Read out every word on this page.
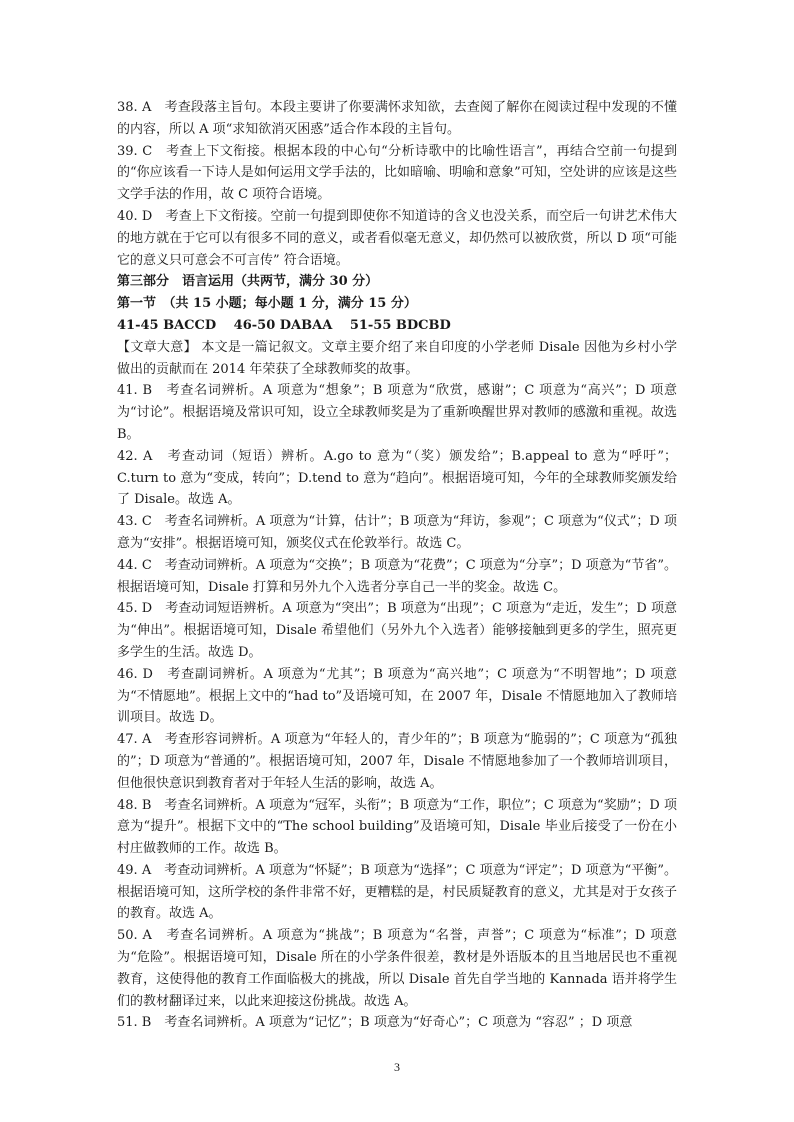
38. A　考查段落主旨句。本段主要讲了你要满怀求知欲，去查阅了解你在阅读过程中发现的不懂的内容，所以 A 项“求知欲消灭困惑”适合作本段的主旨句。

39. C　考查上下文衔接。根据本段的中心句“分析诗歌中的比喻性语言”，再结合空前一句提到的“你应该看一下诗人是如何运用文学手法的，比如暗喻、明喻和意象”可知，空处讲的应该是这些文学手法的作用，故 C 项符合语境。

40. D　考查上下文衔接。空前一句提到即使你不知道诗的含义也没关系，而空后一句讲艺术伟大的地方就在于它可以有很多不同的意义，或者看似毫无意义，却仍然可以被欣赏，所以 D 项“可能它的意义只可意会不可言传” 符合语境。

第三部分　语言运用（共两节，满分 30 分）

第一节　（共 15 小题；每小题 1 分，满分 15 分）

41-45 BACCD　 46-50 DABAA　 51-55 BDCBD

【文章大意】 本文是一篇记叙文。文章主要介绍了来自印度的小学老师 Disale 因他为乡村小学做出的贡献而在 2014 年荣获了全球教师奖的故事。

41. B　考查名词辨析。A 项意为“想象”；B 项意为“欣赏，感谢”；C 项意为“高兴”；D 项意为“讨论”。根据语境及常识可知，设立全球教师奖是为了重新唤醒世界对教师的感激和重视。故选 B。

42. A　考查动词（短语）辨析。A.go to 意为“（奖）颁发给”；B.appeal to 意为“呼吁”；C.turn to 意为“变成，转向”；D.tend to 意为“趋向”。根据语境可知，今年的全球教师奖颁发给了 Disale。故选 A。

43. C　考查名词辨析。A 项意为“计算，估计”；B 项意为“拜访，参观”；C 项意为“仪式”；D 项意为“安排”。根据语境可知，颁奖仪式在伦敦举行。故选 C。

44. C　考查动词辨析。A 项意为“交换”；B 项意为“花费”；C 项意为“分享”；D 项意为“节省”。根据语境可知，Disale 打算和另外九个入选者分享自己一半的奖金。故选 C。

45. D　考查动词短语辨析。A 项意为“突出”；B 项意为“出现”；C 项意为“走近，发生”；D 项意为“伸出”。根据语境可知，Disale 希望他们（另外九个入选者）能够接触到更多的学生，照亮更多学生的生活。故选 D。

46. D　考查副词辨析。A 项意为“尤其”；B 项意为“高兴地”；C 项意为“不明智地”；D 项意为“不情愿地”。根据上文中的“had to”及语境可知，在 2007 年，Disale 不情愿地加入了教师培训项目。故选 D。

47. A　考查形容词辨析。A 项意为“年轻人的，青少年的”；B 项意为“脆弱的”；C 项意为“孤独的”；D 项意为“普通的”。根据语境可知，2007 年，Disale 不情愿地参加了一个教师培训项目，但他很快意识到教育者对于年轻人生活的影响，故选 A。

48. B　考查名词辨析。A 项意为“冠军，头衔”；B 项意为“工作，职位”；C 项意为“奖励”；D 项意为“提升”。根据下文中的“The school building”及语境可知，Disale 毕业后接受了一份在小村庄做教师的工作。故选 B。

49. A　考查动词辨析。A 项意为“怀疑”；B 项意为“选择”；C 项意为“评定”；D 项意为“平衡”。根据语境可知，这所学校的条件非常不好，更糟糕的是，村民质疑教育的意义，尤其是对于女孩子的教育。故选 A。

50. A　考查名词辨析。A 项意为“挑战”；B 项意为“名誉，声誉”；C 项意为“标准”；D 项意为“危险”。根据语境可知，Disale 所在的小学条件很差，教材是外语版本的且当地居民也不重视教育，这使得他的教育工作面临极大的挑战，所以 Disale 首先自学当地的 Kannada 语并将学生们的教材翻译过来，以此来迎接这份挑战。故选 A。

51. B　考查名词辨析。A 项意为“记忆”；B 项意为“好奇心”；C 项意为 “容忍” ；D 项意

3
